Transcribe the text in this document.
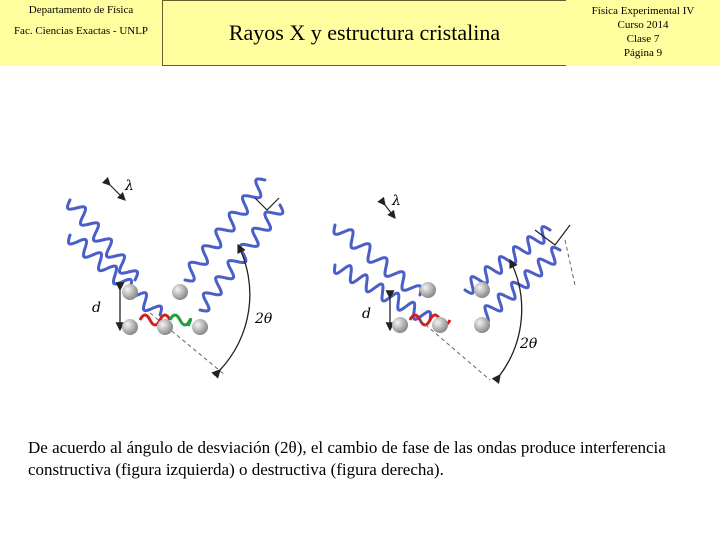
Departamento de Física
Fac. Ciencias Exactas - UNLP	Rayos X y estructura cristalina
Física Experimental IV
Curso 2014
Clase 7
Página 9
λ
d
2θ
λ
d
2θ
De acuerdo al ángulo de desviación (2θ), el cambio de fase de las ondas produce interferencia constructiva (figura izquierda) o destructiva (figura derecha).
